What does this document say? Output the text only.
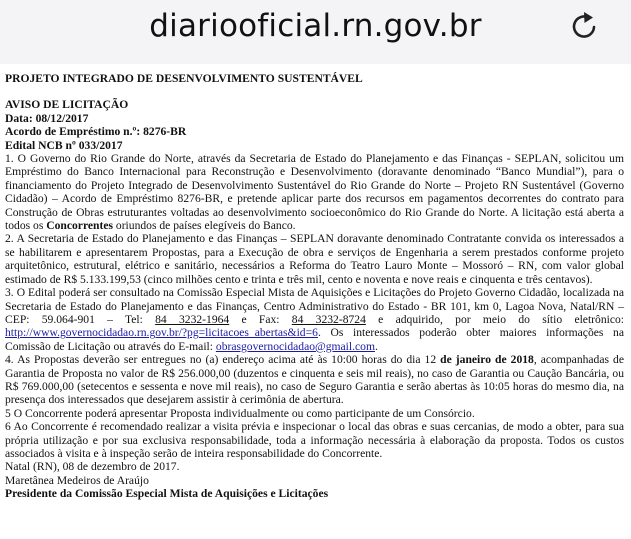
diariooficial.rn.gov.br

PROJETO INTEGRADO DE DESENVOLVIMENTO SUSTENTÁVEL

AVISO DE LICITAÇÃO

Data: 08/12/2017

Acordo de Empréstimo n.º: 8276-BR

Edital NCB nº 033/2017

1. O Governo do Rio Grande do Norte, através da Secretaria de Estado do Planejamento e das Finanças - SEPLAN, solicitou um Empréstimo do Banco Internacional para Reconstrução e Desenvolvimento (doravante denominado “Banco Mundial”), para o financiamento do Projeto Integrado de Desenvolvimento Sustentável do Rio Grande do Norte – Projeto RN Sustentável (Governo Cidadão) – Acordo de Empréstimo 8276-BR, e pretende aplicar parte dos recursos em pagamentos decorrentes do contrato para Construção de Obras estruturantes voltadas ao desenvolvimento socioeconômico do Rio Grande do Norte. A licitação está aberta a todos os Concorrentes oriundos de países elegíveis do Banco.

2. A Secretaria de Estado do Planejamento e das Finanças – SEPLAN doravante denominado Contratante convida os interessados a se habilitarem e apresentarem Propostas, para a Execução de obra e serviços de Engenharia a serem prestados conforme projeto arquitetônico, estrutural, elétrico e sanitário, necessários a Reforma do Teatro Lauro Monte – Mossoró – RN, com valor global estimado de R$ 5.133.199,53 (cinco milhões cento e trinta e três mil, cento e noventa e nove reais e cinquenta e três centavos).

3. O Edital poderá ser consultado na Comissão Especial Mista de Aquisições e Licitações do Projeto Governo Cidadão, localizada na Secretaria de Estado do Planejamento e das Finanças, Centro Administrativo do Estado - BR 101, km 0, Lagoa Nova, Natal/RN – CEP: 59.064-901 – Tel: 84 3232-1964 e Fax: 84 3232-8724 e adquirido, por meio do sítio eletrônico: http://www.governocidadao.rn.gov.br/?pg=licitacoes_abertas&id=6. Os interessados poderão obter maiores informações na Comissão de Licitação ou através do E-mail: obrasgovernocidadao@gmail.com.

4. As Propostas deverão ser entregues no (a) endereço acima até às 10:00 horas do dia 12 de janeiro de 2018, acompanhadas de Garantia de Proposta no valor de R$ 256.000,00 (duzentos e cinquenta e seis mil reais), no caso de Garantia ou Caução Bancária, ou R$ 769.000,00 (setecentos e sessenta e nove mil reais), no caso de Seguro Garantia e serão abertas às 10:05 horas do mesmo dia, na presença dos interessados que desejarem assistir à cerimônia de abertura.

5 O Concorrente poderá apresentar Proposta individualmente ou como participante de um Consórcio.

6 Ao Concorrente é recomendado realizar a visita prévia e inspecionar o local das obras e suas cercanias, de modo a obter, para sua própria utilização e por sua exclusiva responsabilidade, toda a informação necessária à elaboração da proposta. Todos os custos associados à visita e à inspeção serão de inteira responsabilidade do Concorrente.

Natal (RN), 08 de dezembro de 2017.

Maretânea Medeiros de Araújo

Presidente da Comissão Especial Mista de Aquisições e Licitações
